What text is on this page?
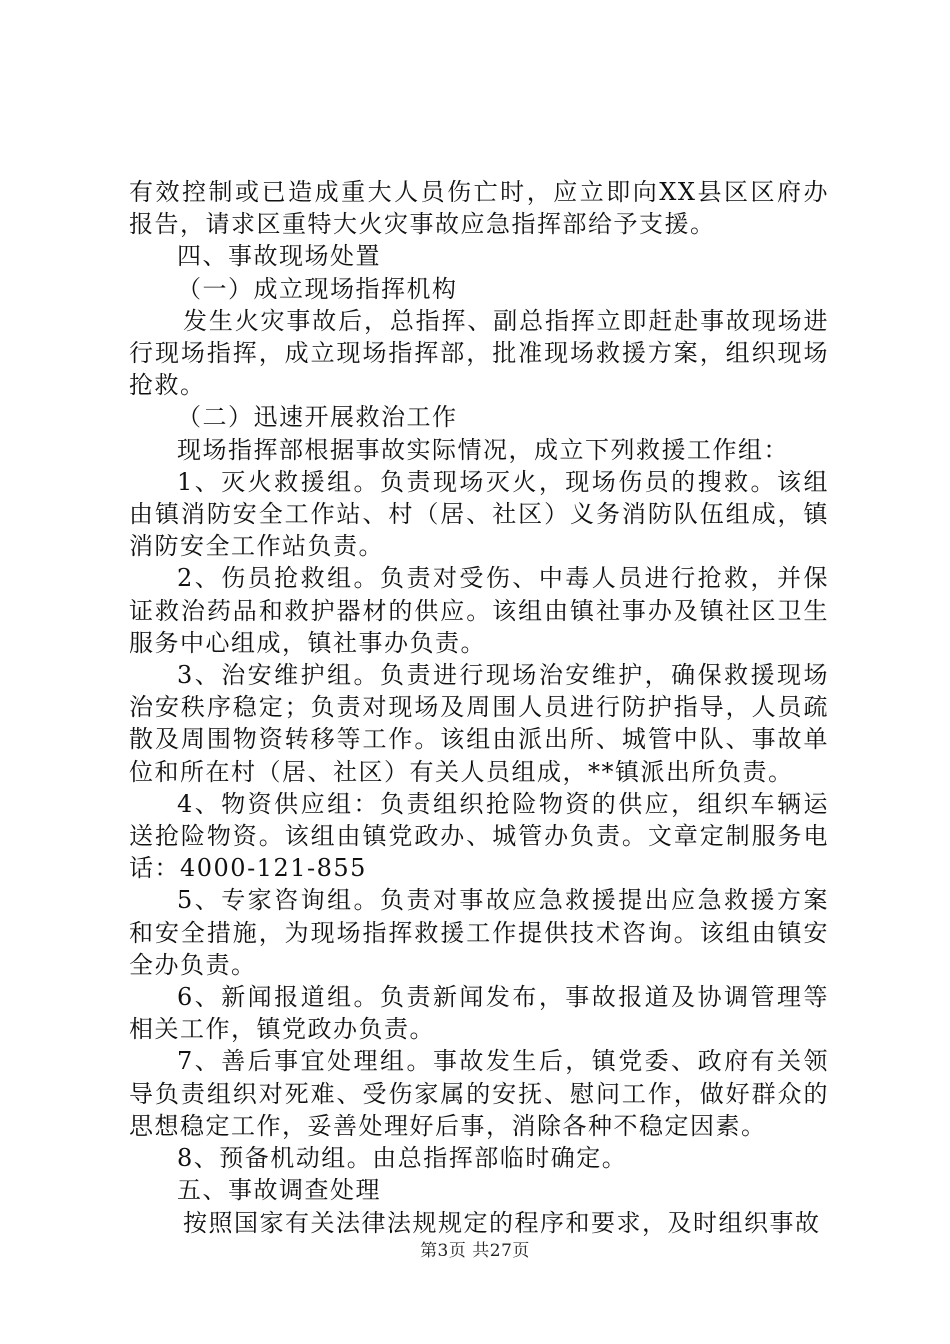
有效控制或已造成重大人员伤亡时，应立即向XX县区区府办报告，请求区重特大火灾事故应急指挥部给予支援。

四、事故现场处置

（一）成立现场指挥机构

发生火灾事故后，总指挥、副总指挥立即赶赴事故现场进行现场指挥，成立现场指挥部，批准现场救援方案，组织现场抢救。

（二）迅速开展救治工作

现场指挥部根据事故实际情况，成立下列救援工作组：

1、灭火救援组。负责现场灭火，现场伤员的搜救。该组由镇消防安全工作站、村（居、社区）义务消防队伍组成，镇消防安全工作站负责。

2、伤员抢救组。负责对受伤、中毒人员进行抢救，并保证救治药品和救护器材的供应。该组由镇社事办及镇社区卫生服务中心组成，镇社事办负责。

3、治安维护组。负责进行现场治安维护，确保救援现场治安秩序稳定；负责对现场及周围人员进行防护指导，人员疏散及周围物资转移等工作。该组由派出所、城管中队、事故单位和所在村（居、社区）有关人员组成，**镇派出所负责。

4、物资供应组：负责组织抢险物资的供应，组织车辆运送抢险物资。该组由镇党政办、城管办负责。文章定制服务电话：4000-121-855

5、专家咨询组。负责对事故应急救援提出应急救援方案和安全措施，为现场指挥救援工作提供技术咨询。该组由镇安全办负责。

6、新闻报道组。负责新闻发布，事故报道及协调管理等相关工作，镇党政办负责。

7、善后事宜处理组。事故发生后，镇党委、政府有关领导负责组织对死难、受伤家属的安抚、慰问工作，做好群众的思想稳定工作，妥善处理好后事，消除各种不稳定因素。

8、预备机动组。由总指挥部临时确定。

五、事故调查处理

按照国家有关法律法规规定的程序和要求，及时组织事故

第3页 共27页
